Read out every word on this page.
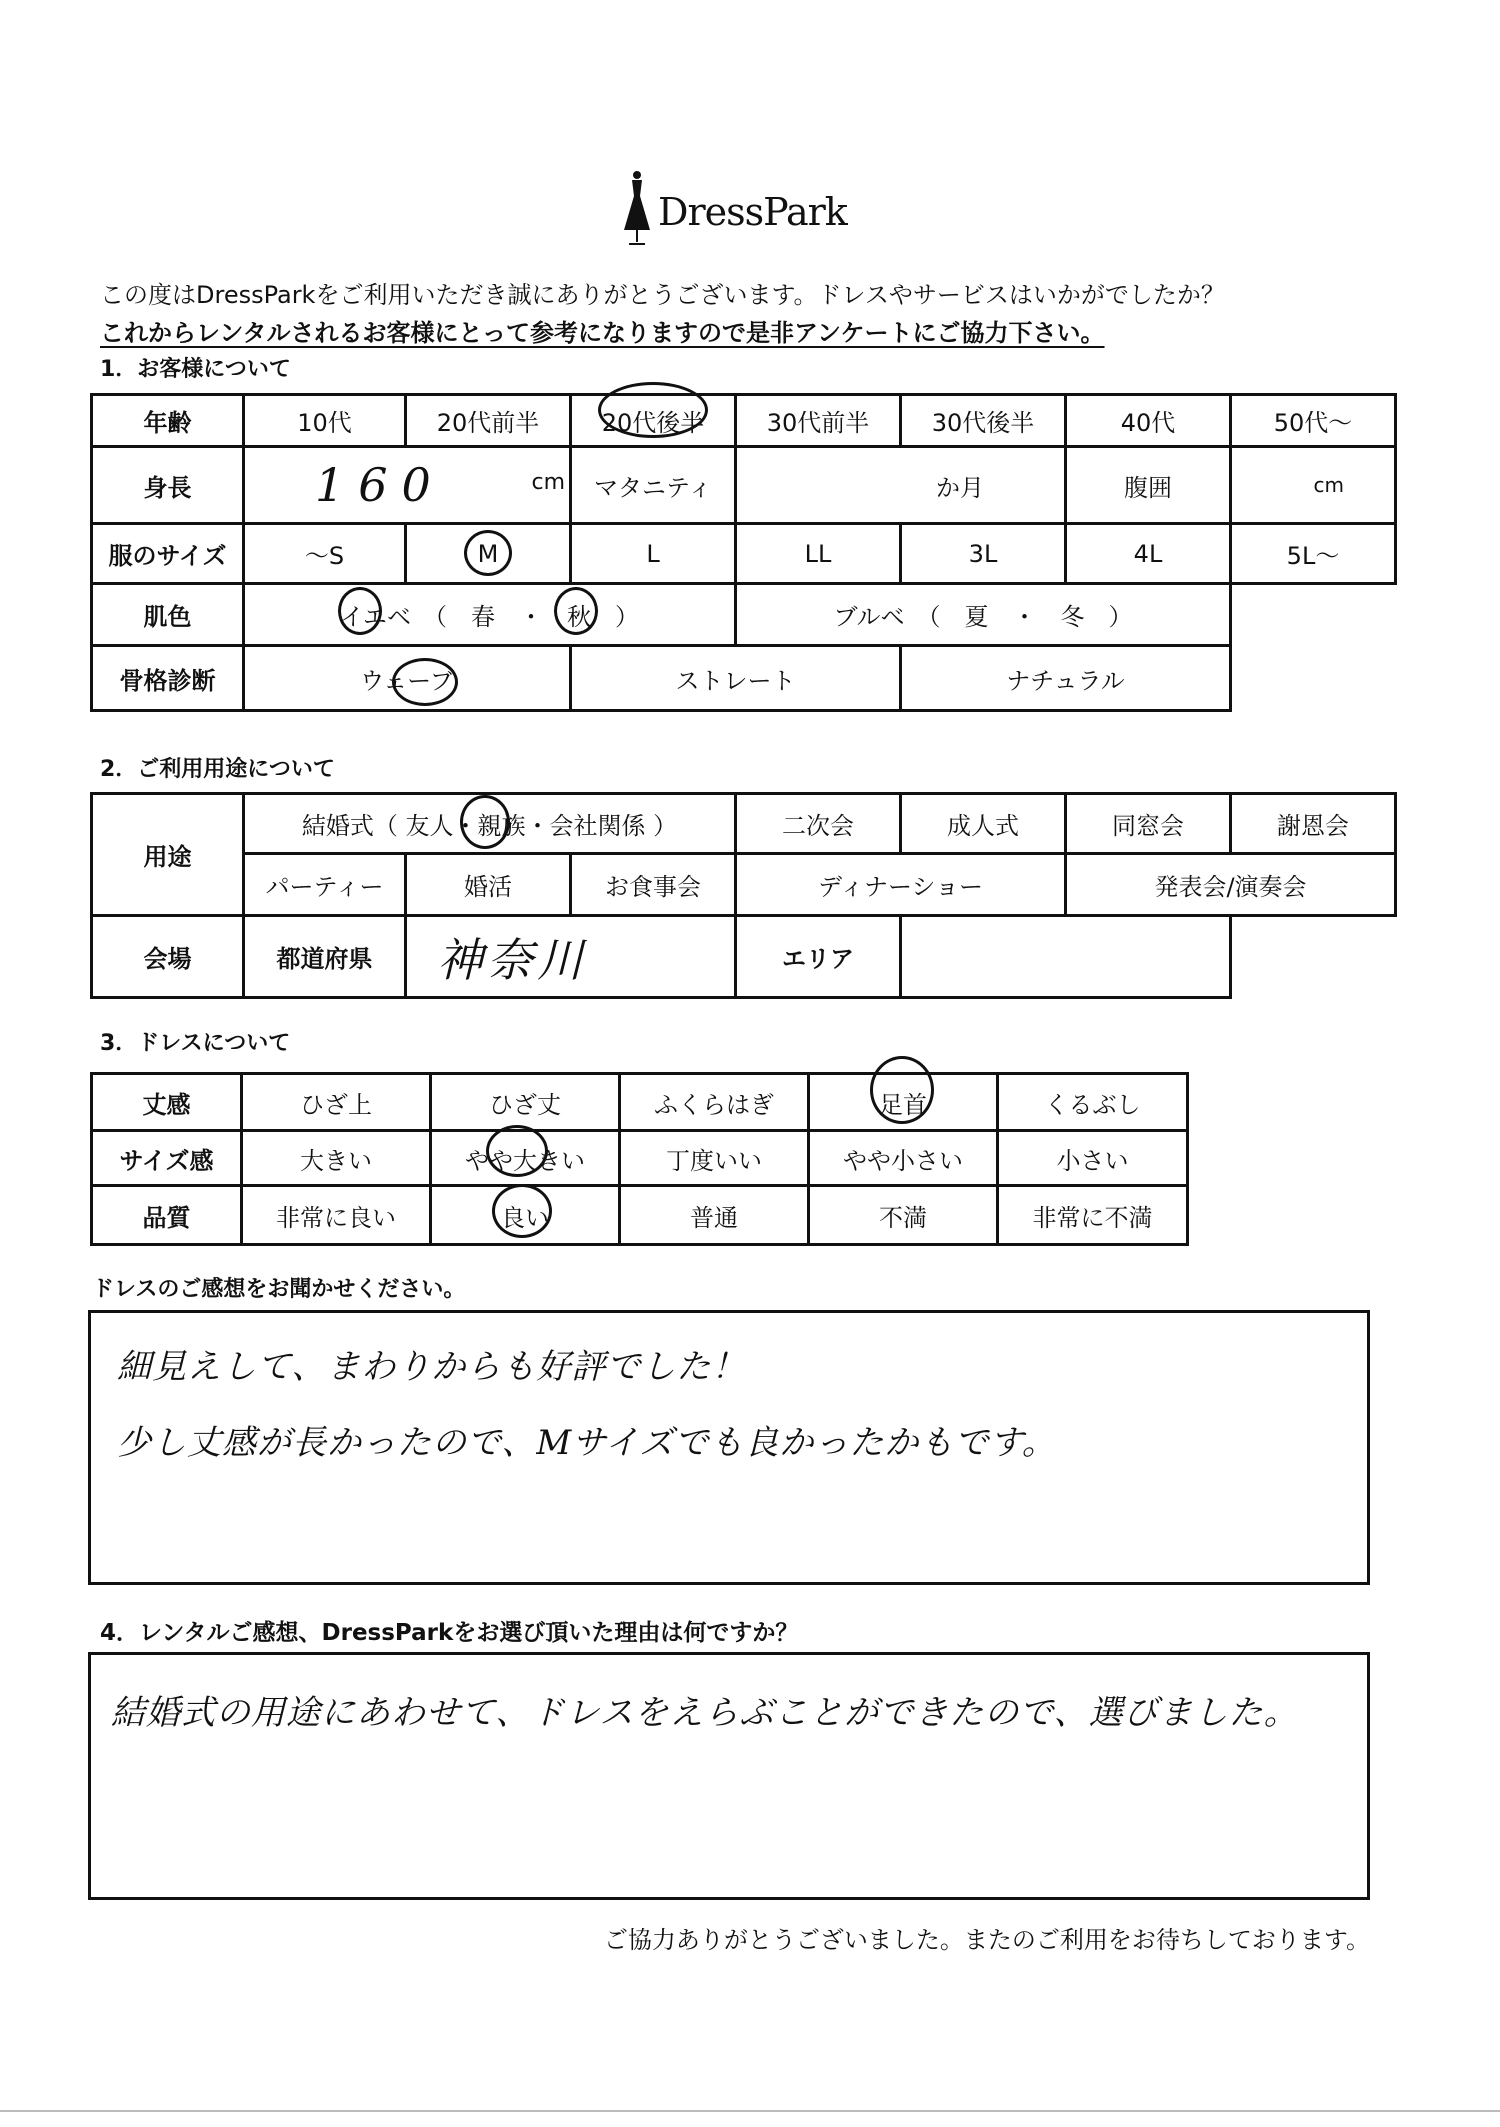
DressPark
この度はDressParkをご利用いただき誠にありがとうございます。ドレスやサービスはいかがでしたか？
これからレンタルされるお客様にとって参考になりますので是非アンケートにご協力下さい。
1．お客様について
年齢	10代	20代前半	20代後半	30代前半	30代後半	40代	50代～
身長	160	cm	マタニティ	か月	腹囲	cm
服のサイズ	～S	M	L	LL	3L	4L	5L～
肌色	イエベ　（　春　・　秋　）	ブルベ　（　夏　・　冬　）
骨格診断	ウェーブ	ストレート	ナチュラル
2．ご利用用途について
用途
結婚式（ 友人・親族・会社関係 ）	二次会	成人式	同窓会	謝恩会
パーティー	婚活	お食事会	ディナーショー	発表会/演奏会
会場	都道府県	神奈川	エリア
3．ドレスについて
丈感	ひざ上	ひざ丈	ふくらはぎ	足首	くるぶし
サイズ感	大きい	やや大きい	丁度いい	やや小さい	小さい
品質	非常に良い	良い	普通	不満	非常に不満
ドレスのご感想をお聞かせください。
細見えして、まわりからも好評でした！
少し丈感が長かったので、Mサイズでも良かったかもです。
4．レンタルご感想、DressParkをお選び頂いた理由は何ですか？
結婚式の用途にあわせて、ドレスをえらぶことができたので、選びました。
ご協力ありがとうございました。またのご利用をお待ちしております。
